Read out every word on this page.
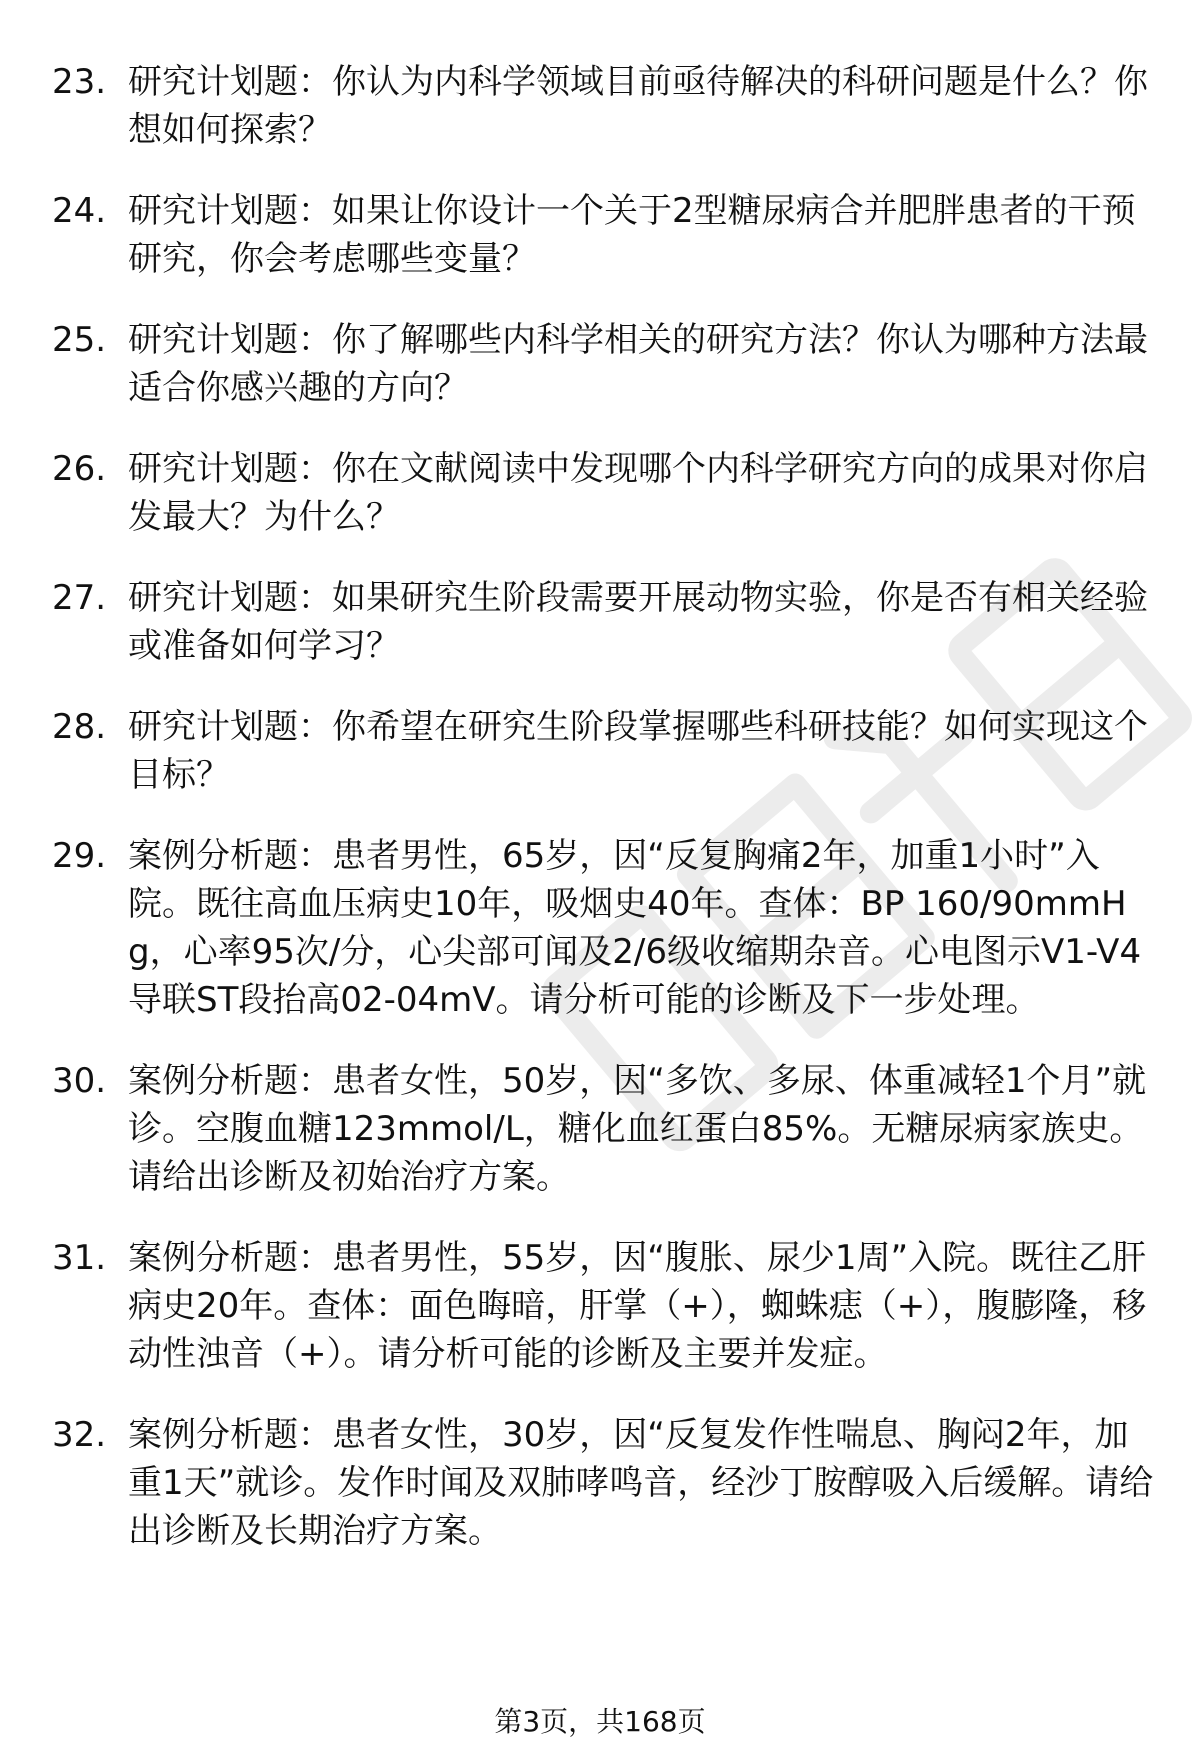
23. 研究计划题：你认为内科学领域目前亟待解决的科研问题是什么？你想如何探索？
24. 研究计划题：如果让你设计一个关于2型糖尿病合并肥胖患者的干预研究，你会考虑哪些变量？
25. 研究计划题：你了解哪些内科学相关的研究方法？你认为哪种方法最适合你感兴趣的方向？
26. 研究计划题：你在文献阅读中发现哪个内科学研究方向的成果对你启发最大？为什么？
27. 研究计划题：如果研究生阶段需要开展动物实验，你是否有相关经验或准备如何学习？
28. 研究计划题：你希望在研究生阶段掌握哪些科研技能？如何实现这个目标？
29. 案例分析题：患者男性，65岁，因“反复胸痛2年，加重1小时”入院。既往高血压病史10年，吸烟史40年。查体：BP 160/90mmHg，心率95次/分，心尖部可闻及2/6级收缩期杂音。心电图示V1-V4导联ST段抬高02-04mV。请分析可能的诊断及下一步处理。
30. 案例分析题：患者女性，50岁，因“多饮、多尿、体重减轻1个月”就诊。空腹血糖123mmol/L，糖化血红蛋白85%。无糖尿病家族史。请给出诊断及初始治疗方案。
31. 案例分析题：患者男性，55岁，因“腹胀、尿少1周”入院。既往乙肝病史20年。查体：面色晦暗，肝掌（+），蜘蛛痣（+），腹膨隆，移动性浊音（+）。请分析可能的诊断及主要并发症。
32. 案例分析题：患者女性，30岁，因“反复发作性喘息、胸闷2年，加重1天”就诊。发作时闻及双肺哮鸣音，经沙丁胺醇吸入后缓解。请给出诊断及长期治疗方案。
第3页，共168页
